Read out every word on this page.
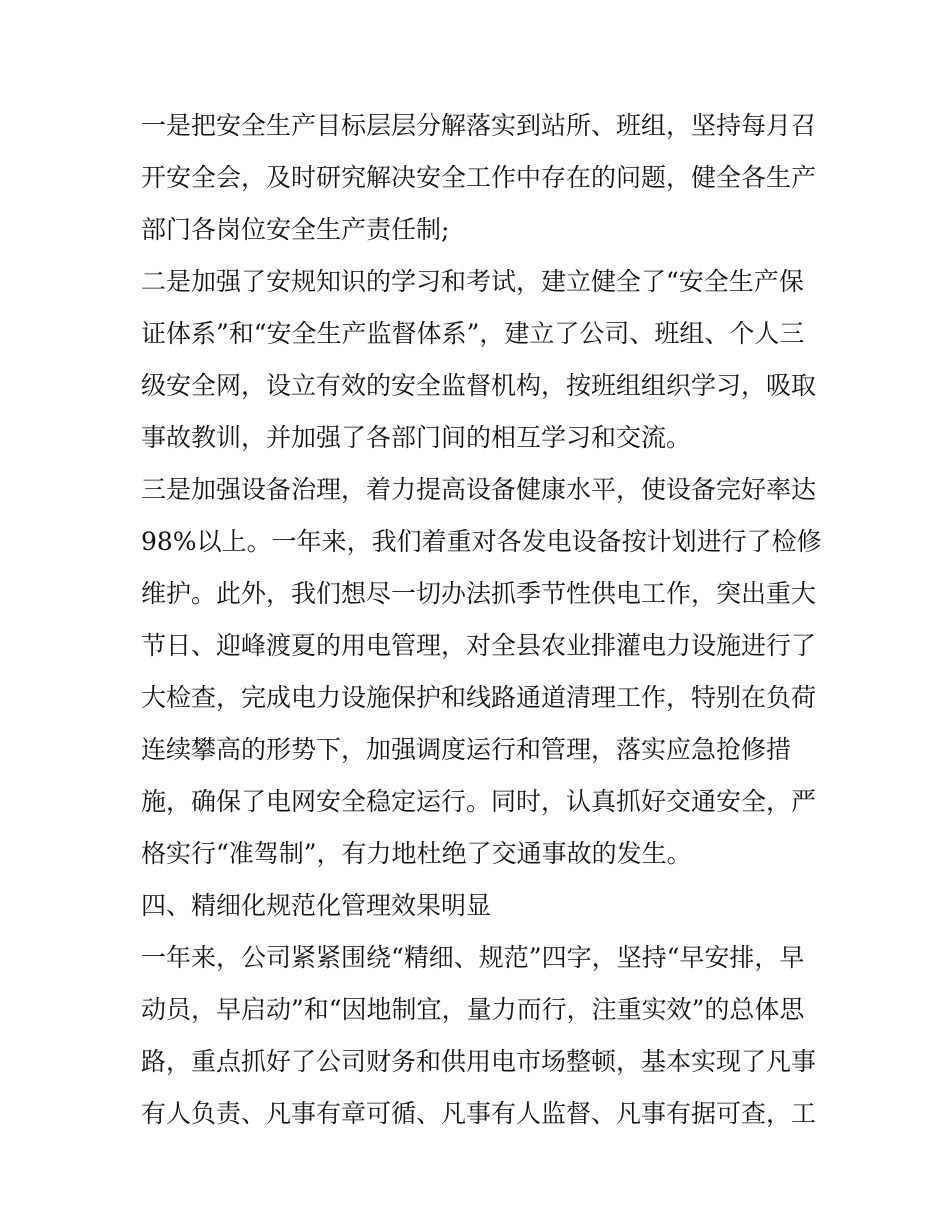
一是把安全生产目标层层分解落实到站所、班组，坚持每月召
开安全会，及时研究解决安全工作中存在的问题，健全各生产
部门各岗位安全生产责任制;
二是加强了安规知识的学习和考试，建立健全了“安全生产保
证体系”和“安全生产监督体系”，建立了公司、班组、个人三
级安全网，设立有效的安全监督机构，按班组组织学习，吸取
事故教训，并加强了各部门间的相互学习和交流。
三是加强设备治理，着力提高设备健康水平，使设备完好率达
98%以上。一年来，我们着重对各发电设备按计划进行了检修
维护。此外，我们想尽一切办法抓季节性供电工作，突出重大
节日、迎峰渡夏的用电管理，对全县农业排灌电力设施进行了
大检查，完成电力设施保护和线路通道清理工作，特别在负荷
连续攀高的形势下，加强调度运行和管理，落实应急抢修措
施，确保了电网安全稳定运行。同时，认真抓好交通安全，严
格实行“准驾制”，有力地杜绝了交通事故的发生。
四、精细化规范化管理效果明显
一年来，公司紧紧围绕“精细、规范”四字，坚持“早安排，早
动员，早启动”和“因地制宜，量力而行，注重实效”的总体思
路，重点抓好了公司财务和供用电市场整顿，基本实现了凡事
有人负责、凡事有章可循、凡事有人监督、凡事有据可查，工
